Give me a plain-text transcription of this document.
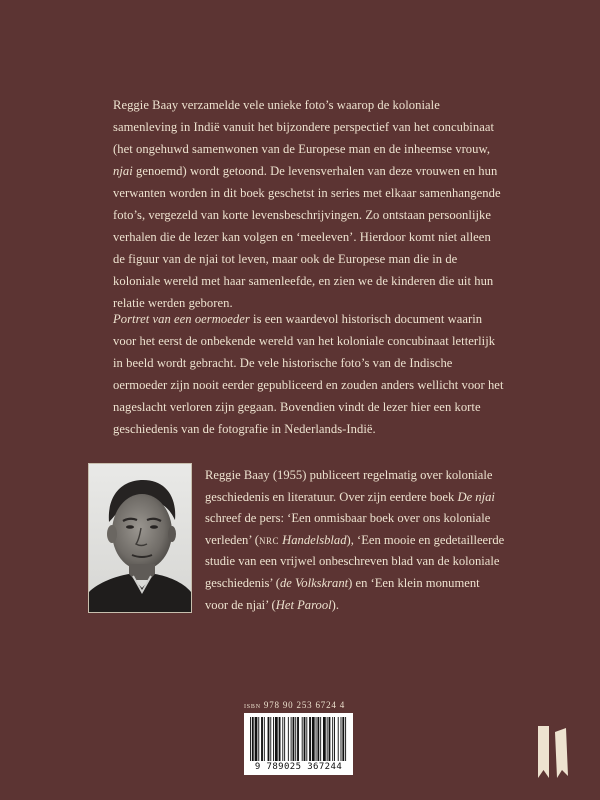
Reggie Baay verzamelde vele unieke foto’s waarop de koloniale samenleving in Indië vanuit het bijzondere perspectief van het concubinaat (het ongehuwd samenwonen van de Europese man en de inheemse vrouw, njai genoemd) wordt getoond. De levensverhalen van deze vrouwen en hun verwanten worden in dit boek geschetst in series met elkaar samenhangende foto’s, vergezeld van korte levensbeschrijvingen. Zo ontstaan persoonlijke verhalen die de lezer kan volgen en ‘meeleven’. Hierdoor komt niet alleen de figuur van de njai tot leven, maar ook de Europese man die in de koloniale wereld met haar samenleefde, en zien we de kinderen die uit hun relatie werden geboren.

Portret van een oermoeder is een waardevol historisch document waarin voor het eerst de onbekende wereld van het koloniale concubinaat letterlijk in beeld wordt gebracht. De vele historische foto’s van de Indische oermoeder zijn nooit eerder gepubliceerd en zouden anders wellicht voor het nageslacht verloren zijn gegaan. Bovendien vindt de lezer hier een korte geschiedenis van de fotografie in Nederlands-Indië.

Reggie Baay (1955) publiceert regelmatig over koloniale geschiedenis en literatuur. Over zijn eerdere boek De njai schreef de pers: ‘Een onmisbaar boek over ons koloniale verleden’ (nrc Handelsblad), ‘Een mooie en gedetailleerde studie van een vrijwel onbeschreven blad van de koloniale geschiedenis’ (de Volkskrant) en ‘Een klein monument voor de njai’ (Het Parool).

isbn 978 90 253 6724 4
9 789025 367244
